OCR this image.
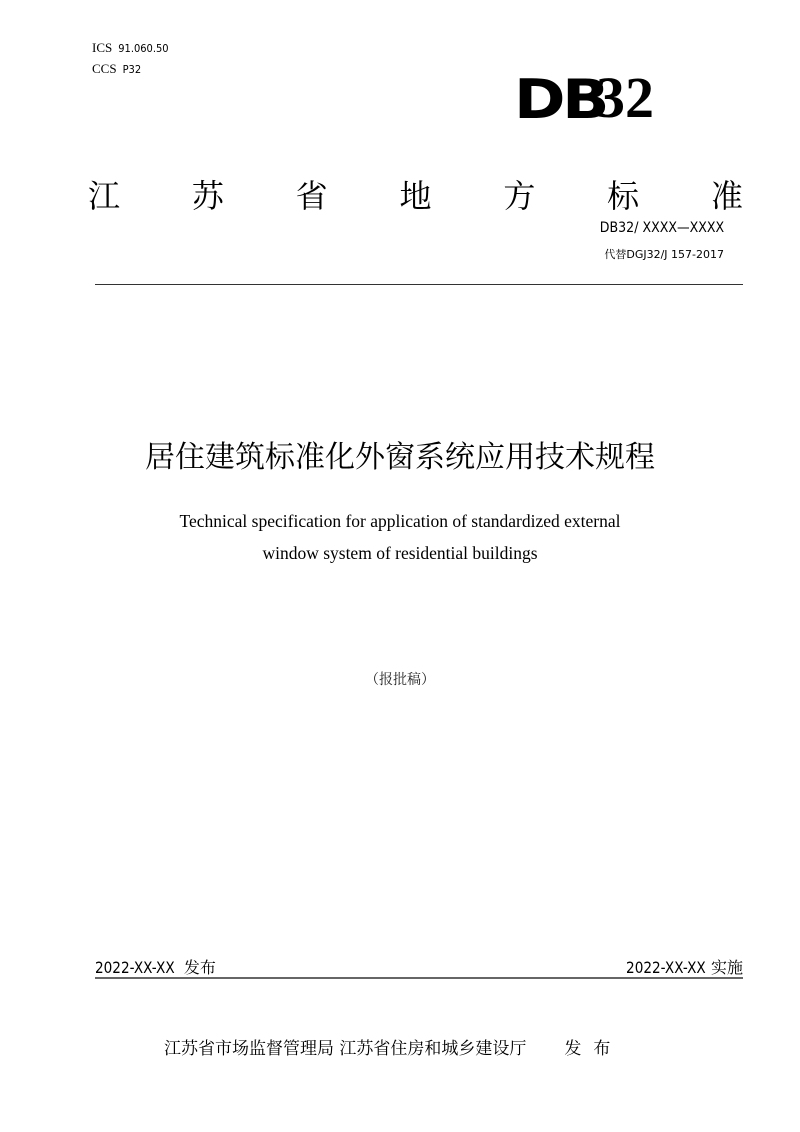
ICS 91.060.50
CCS P32	DB
32
江 苏 省 地 方 标 准
DB32/ XXXX—XXXX
代替DGJ32/J 157-2017
居住建筑标准化外窗系统应用技术规程
Technical specification for application of standardized external
window system of residential buildings
（报批稿）
2022-XX-XX 发布	2022-XX-XX 实施
江苏省市场监督管理局 江苏省住房和城乡建设厅 发布
